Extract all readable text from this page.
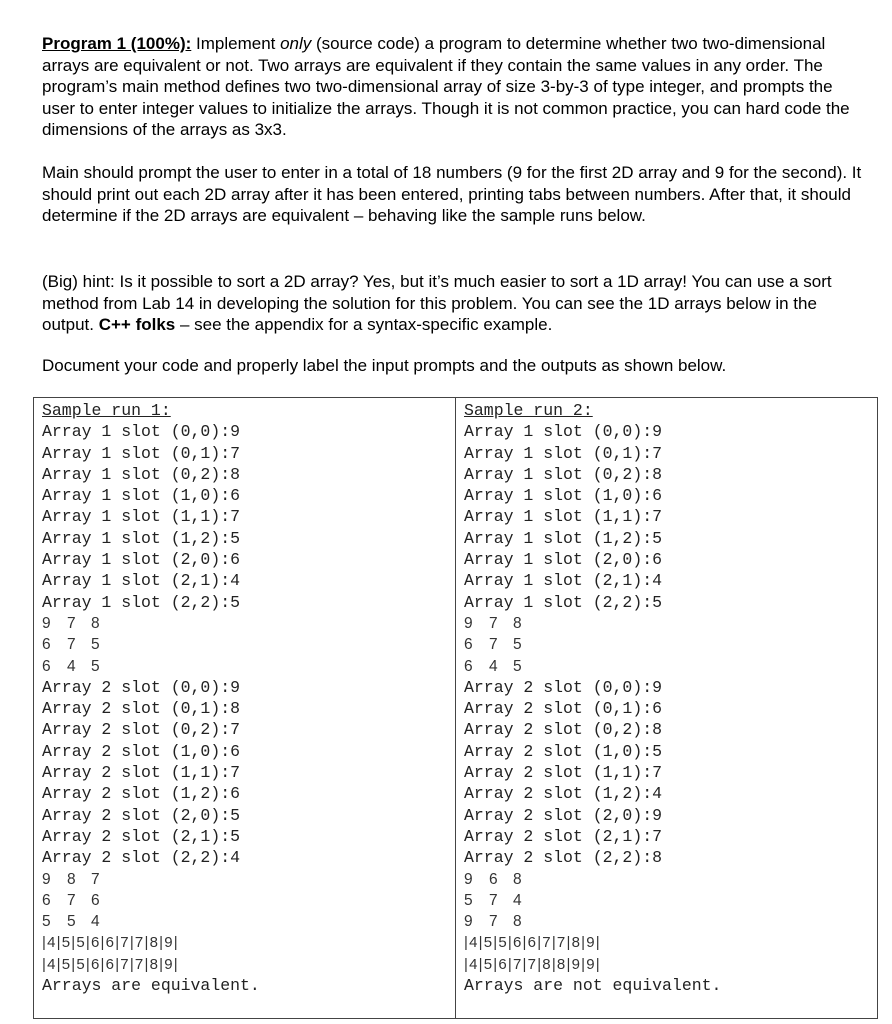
Program 1 (100%): Implement only (source code) a program to determine whether two two-dimensional arrays are equivalent or not. Two arrays are equivalent if they contain the same values in any order. The program’s main method defines two two-dimensional array of size 3-by-3 of type integer, and prompts the user to enter integer values to initialize the arrays. Though it is not common practice, you can hard code the dimensions of the arrays as 3x3.
Main should prompt the user to enter in a total of 18 numbers (9 for the first 2D array and 9 for the second). It should print out each 2D array after it has been entered, printing tabs between numbers. After that, it should determine if the 2D arrays are equivalent – behaving like the sample runs below.
(Big) hint: Is it possible to sort a 2D array? Yes, but it’s much easier to sort a 1D array! You can use a sort method from Lab 14 in developing the solution for this problem. You can see the 1D arrays below in the output. C++ folks – see the appendix for a syntax-specific example.
Document your code and properly label the input prompts and the outputs as shown below.
Sample run 1:
Array 1 slot (0,0):9
Array 1 slot (0,1):7
Array 1 slot (0,2):8
Array 1 slot (1,0):6
Array 1 slot (1,1):7
Array 1 slot (1,2):5
Array 1 slot (2,0):6
Array 1 slot (2,1):4
Array 1 slot (2,2):5
9 7 8
6 7 5
6 4 5
Array 2 slot (0,0):9
Array 2 slot (0,1):8
Array 2 slot (0,2):7
Array 2 slot (1,0):6
Array 2 slot (1,1):7
Array 2 slot (1,2):6
Array 2 slot (2,0):5
Array 2 slot (2,1):5
Array 2 slot (2,2):4
9 8 7
6 7 6
5 5 4
|4|5|5|6|6|7|7|8|9|
|4|5|5|6|6|7|7|8|9|
Arrays are equivalent.
Sample run 2:
Array 1 slot (0,0):9
Array 1 slot (0,1):7
Array 1 slot (0,2):8
Array 1 slot (1,0):6
Array 1 slot (1,1):7
Array 1 slot (1,2):5
Array 1 slot (2,0):6
Array 1 slot (2,1):4
Array 1 slot (2,2):5
9 7 8
6 7 5
6 4 5
Array 2 slot (0,0):9
Array 2 slot (0,1):6
Array 2 slot (0,2):8
Array 2 slot (1,0):5
Array 2 slot (1,1):7
Array 2 slot (1,2):4
Array 2 slot (2,0):9
Array 2 slot (2,1):7
Array 2 slot (2,2):8
9 6 8
5 7 4
9 7 8
|4|5|5|6|6|7|7|8|9|
|4|5|6|7|7|8|8|9|9|
Arrays are not equivalent.
